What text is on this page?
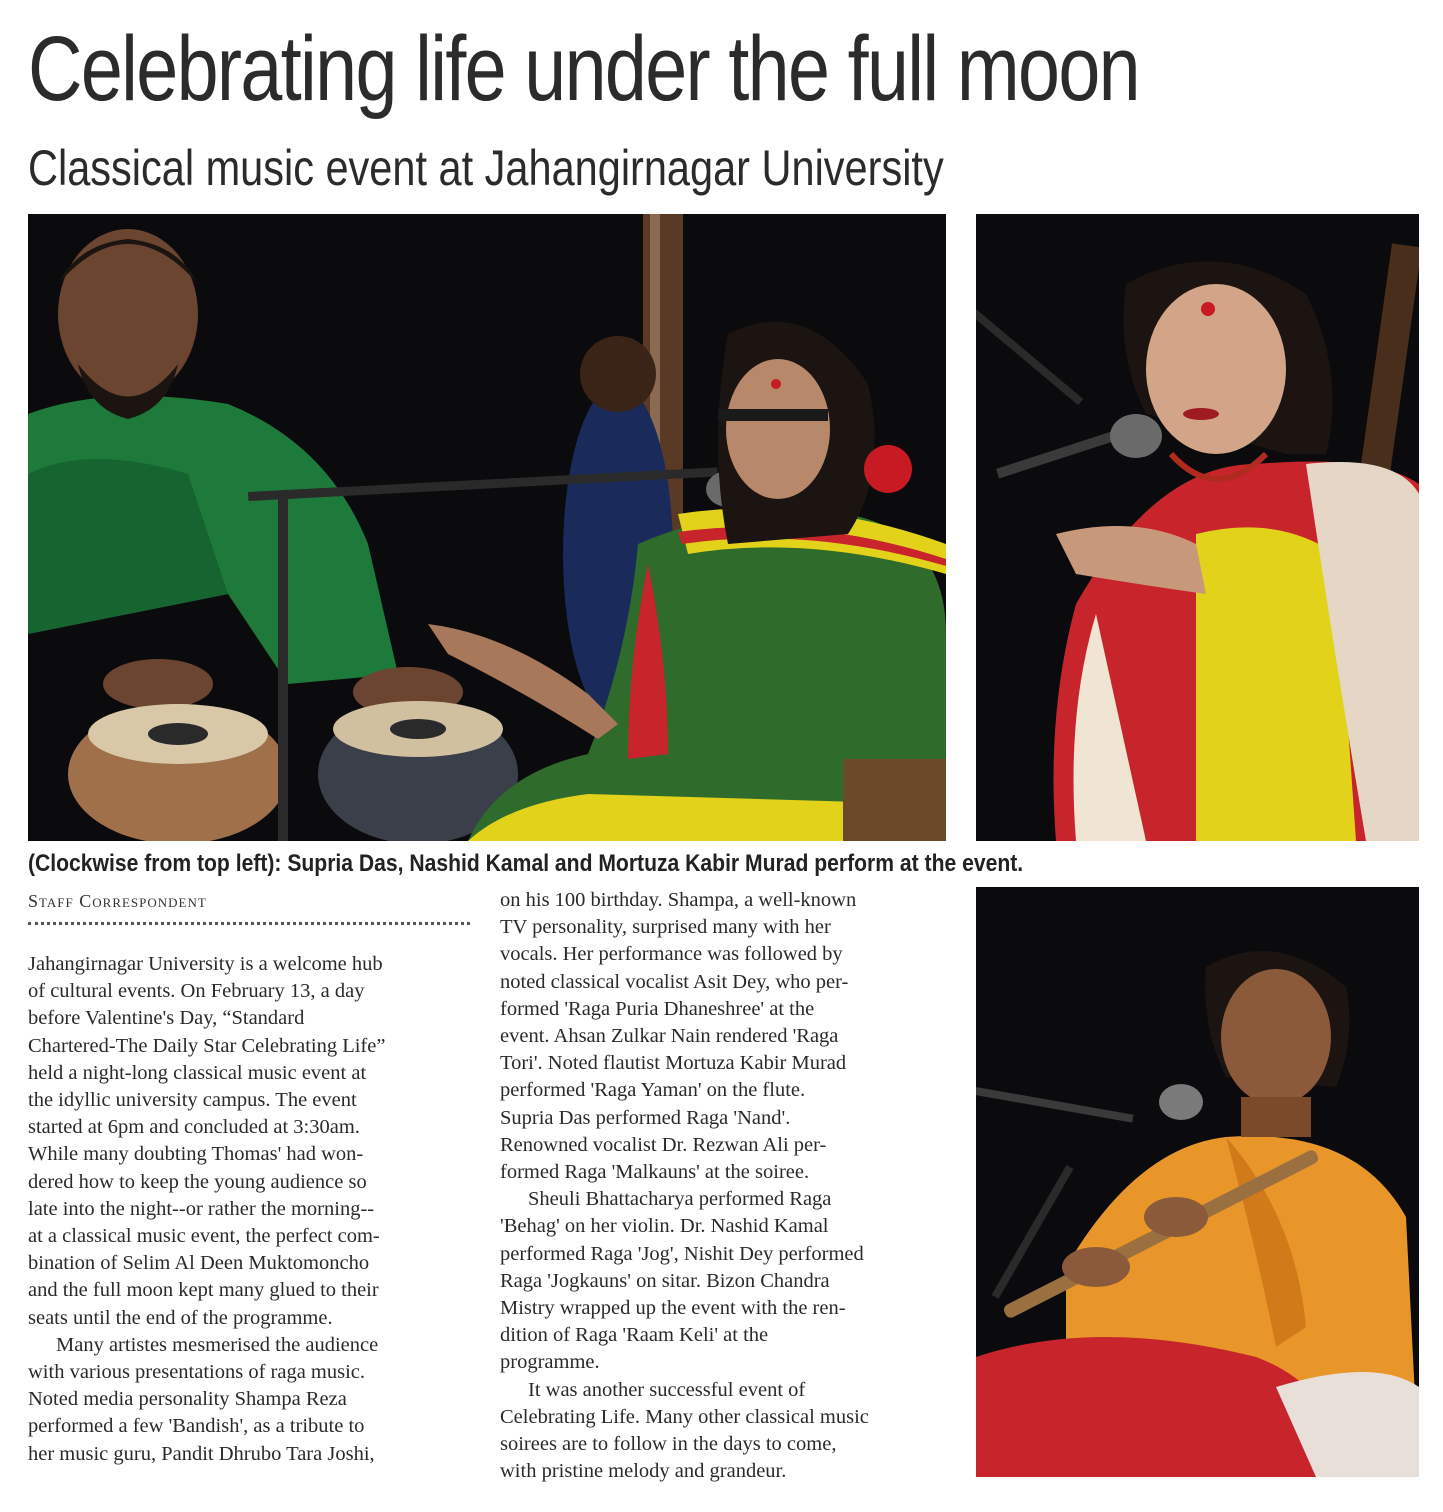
Celebrating life under the full moon
Classical music event at Jahangirnagar University
(Clockwise from top left): Supria Das, Nashid Kamal and Mortuza Kabir Murad perform at the event.
Staff Correspondent
Jahangirnagar University is a welcome hub
of cultural events. On February 13, a day
before Valentine's Day, “Standard
Chartered-The Daily Star Celebrating Life”
held a night-long classical music event at
the idyllic university campus. The event
started at 6pm and concluded at 3:30am.
While many doubting Thomas' had won-
dered how to keep the young audience so
late into the night--or rather the morning--
at a classical music event, the perfect com-
bination of Selim Al Deen Muktomoncho
and the full moon kept many glued to their
seats until the end of the programme.
Many artistes mesmerised the audience
with various presentations of raga music.
Noted media personality Shampa Reza
performed a few 'Bandish', as a tribute to
her music guru, Pandit Dhrubo Tara Joshi,
on his 100 birthday. Shampa, a well-known
TV personality, surprised many with her
vocals. Her performance was followed by
noted classical vocalist Asit Dey, who per-
formed 'Raga Puria Dhaneshree' at the
event. Ahsan Zulkar Nain rendered 'Raga
Tori'. Noted flautist Mortuza Kabir Murad
performed 'Raga Yaman' on the flute.
Supria Das performed Raga 'Nand'.
Renowned vocalist Dr. Rezwan Ali per-
formed Raga 'Malkauns' at the soiree.
Sheuli Bhattacharya performed Raga
'Behag' on her violin. Dr. Nashid Kamal
performed Raga 'Jog', Nishit Dey performed
Raga 'Jogkauns' on sitar. Bizon Chandra
Mistry wrapped up the event with the ren-
dition of Raga 'Raam Keli' at the
programme.
It was another successful event of
Celebrating Life. Many other classical music
soirees are to follow in the days to come,
with pristine melody and grandeur.
